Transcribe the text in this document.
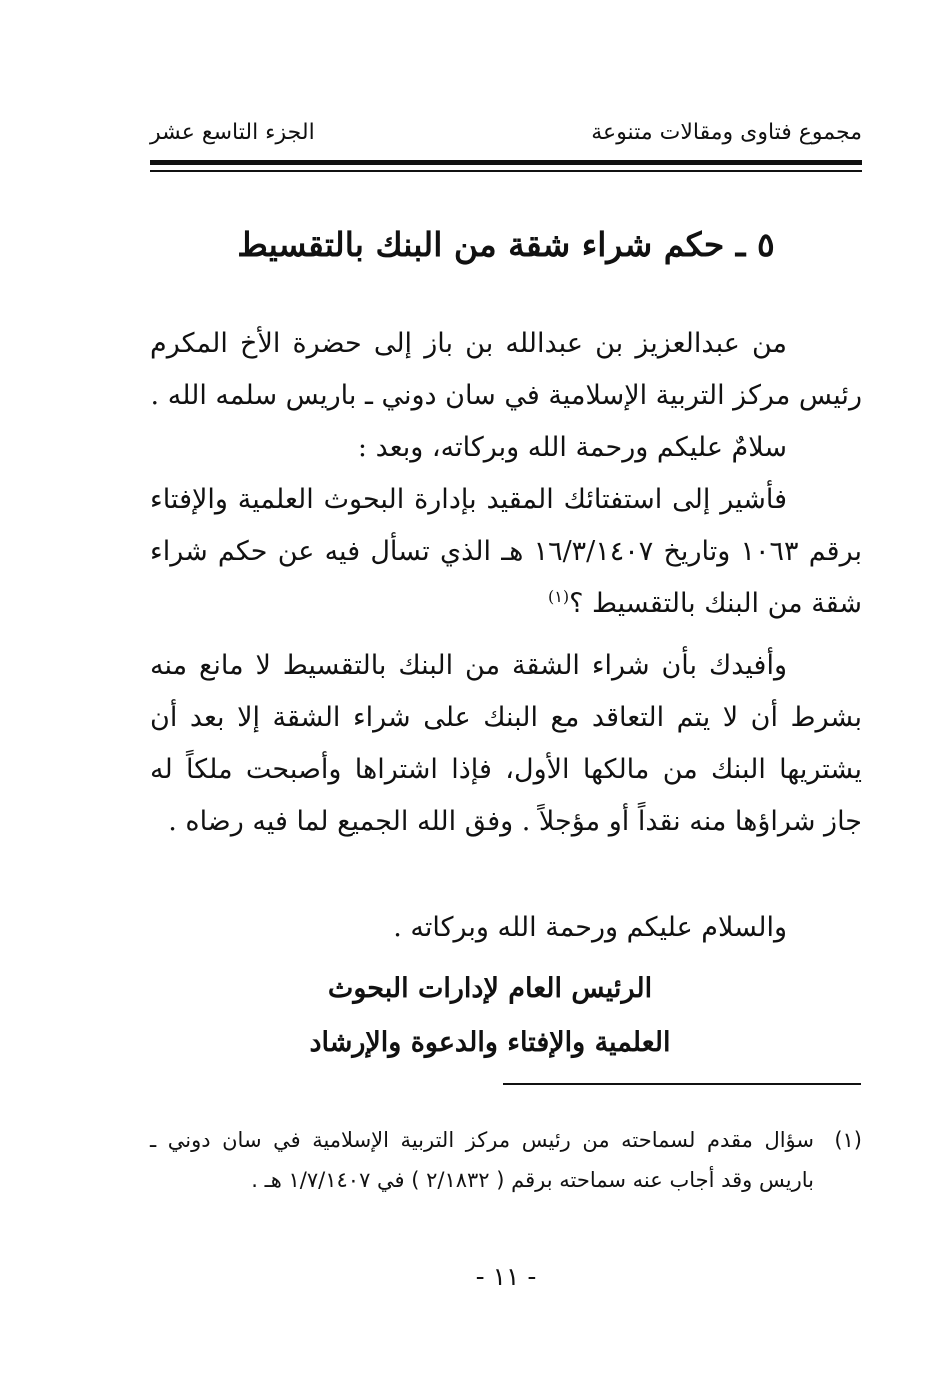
مجموع فتاوى ومقالات متنوعة
الجزء التاسع عشر
٥ ـ حكم شراء شقة من البنك بالتقسيط

من عبدالعزيز بن عبدالله بن باز إلى حضرة الأخ المكرم رئيس مركز التربية الإسلامية في سان دوني ـ باريس سلمه الله .

سلامٌ عليكم ورحمة الله وبركاته، وبعد :

فأشير إلى استفتائك المقيد بإدارة البحوث العلمية والإفتاء برقم ١٠٦٣ وتاريخ ١٦/٣/١٤٠٧ هـ الذي تسأل فيه عن حكم شراء شقة من البنك بالتقسيط ؟$^{(١)}$

وأفيدك بأن شراء الشقة من البنك بالتقسيط لا مانع منه بشرط أن لا يتم التعاقد مع البنك على شراء الشقة إلا بعد أن يشتريها البنك من مالكها الأول، فإذا اشتراها وأصبحت ملكاً له جاز شراؤها منه نقداً أو مؤجلاً . وفق الله الجميع لما فيه رضاه .

والسلام عليكم ورحمة الله وبركاته .
الرئيس العام لإدارات البحوث
العلمية والإفتاء والدعوة والإرشاد
(١)
سؤال مقدم لسماحته من رئيس مركز التربية الإسلامية في سان دوني ـ باريس وقد أجاب عنه سماحته برقم ( ٢/١٨٣٢ ) في ١/٧/١٤٠٧ هـ .
- ١١ -
